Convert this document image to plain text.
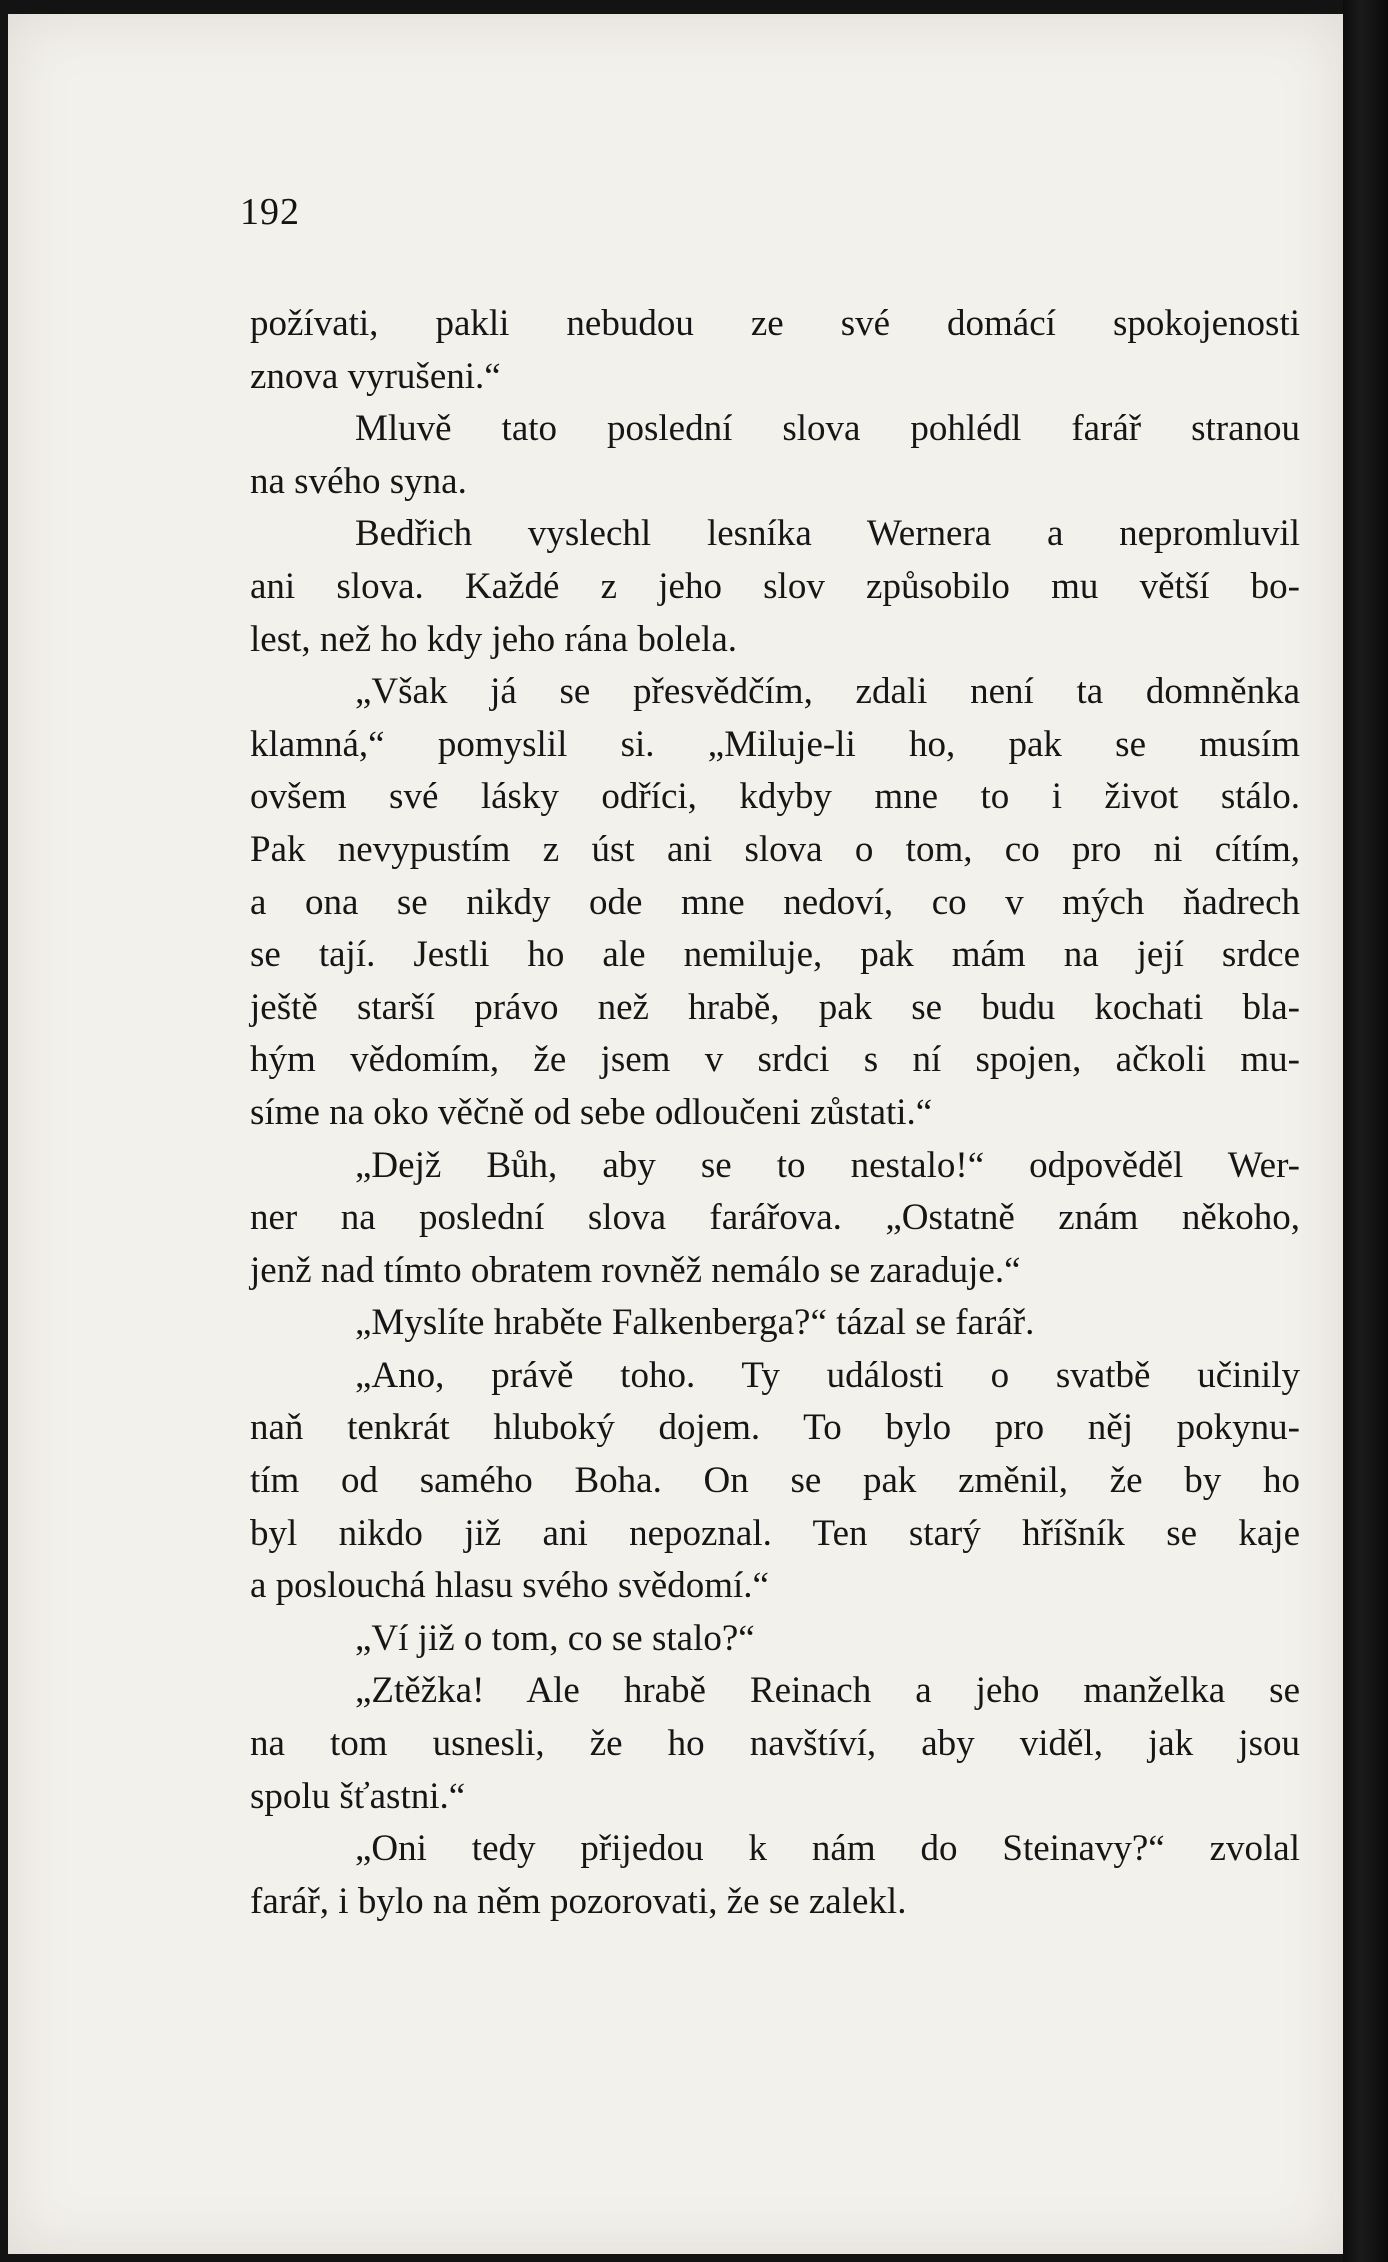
192
požívati, pakli nebudou ze své domácí spokojenosti
znova vyrušeni.“
Mluvě tato poslední slova pohlédl farář stranou
na svého syna.
Bedřich vyslechl lesníka Wernera a nepromluvil
ani slova. Každé z jeho slov způsobilo mu větší bo-
lest, než ho kdy jeho rána bolela.
„Však já se přesvědčím, zdali není ta domněnka
klamná,“ pomyslil si. „Miluje-li ho, pak se musím
ovšem své lásky odříci, kdyby mne to i život stálo.
Pak nevypustím z úst ani slova o tom, co pro ni cítím,
a ona se nikdy ode mne nedoví, co v mých ňadrech
se tají. Jestli ho ale nemiluje, pak mám na její srdce
ještě starší právo než hrabě, pak se budu kochati bla-
hým vědomím, že jsem v srdci s ní spojen, ačkoli mu-
síme na oko věčně od sebe odloučeni zůstati.“
„Dejž Bůh, aby se to nestalo!“ odpověděl Wer-
ner na poslední slova farářova. „Ostatně znám někoho,
jenž nad tímto obratem rovněž nemálo se zaraduje.“
„Myslíte hraběte Falkenberga?“ tázal se farář.
„Ano, právě toho. Ty události o svatbě učinily
naň tenkrát hluboký dojem. To bylo pro něj pokynu-
tím od samého Boha. On se pak změnil, že by ho
byl nikdo již ani nepoznal. Ten starý hříšník se kaje
a poslouchá hlasu svého svědomí.“
„Ví již o tom, co se stalo?“
„Ztěžka! Ale hrabě Reinach a jeho manželka se
na tom usnesli, že ho navštíví, aby viděl, jak jsou
spolu šťastni.“
„Oni tedy přijedou k nám do Steinavy?“ zvolal
farář, i bylo na něm pozorovati, že se zalekl.
